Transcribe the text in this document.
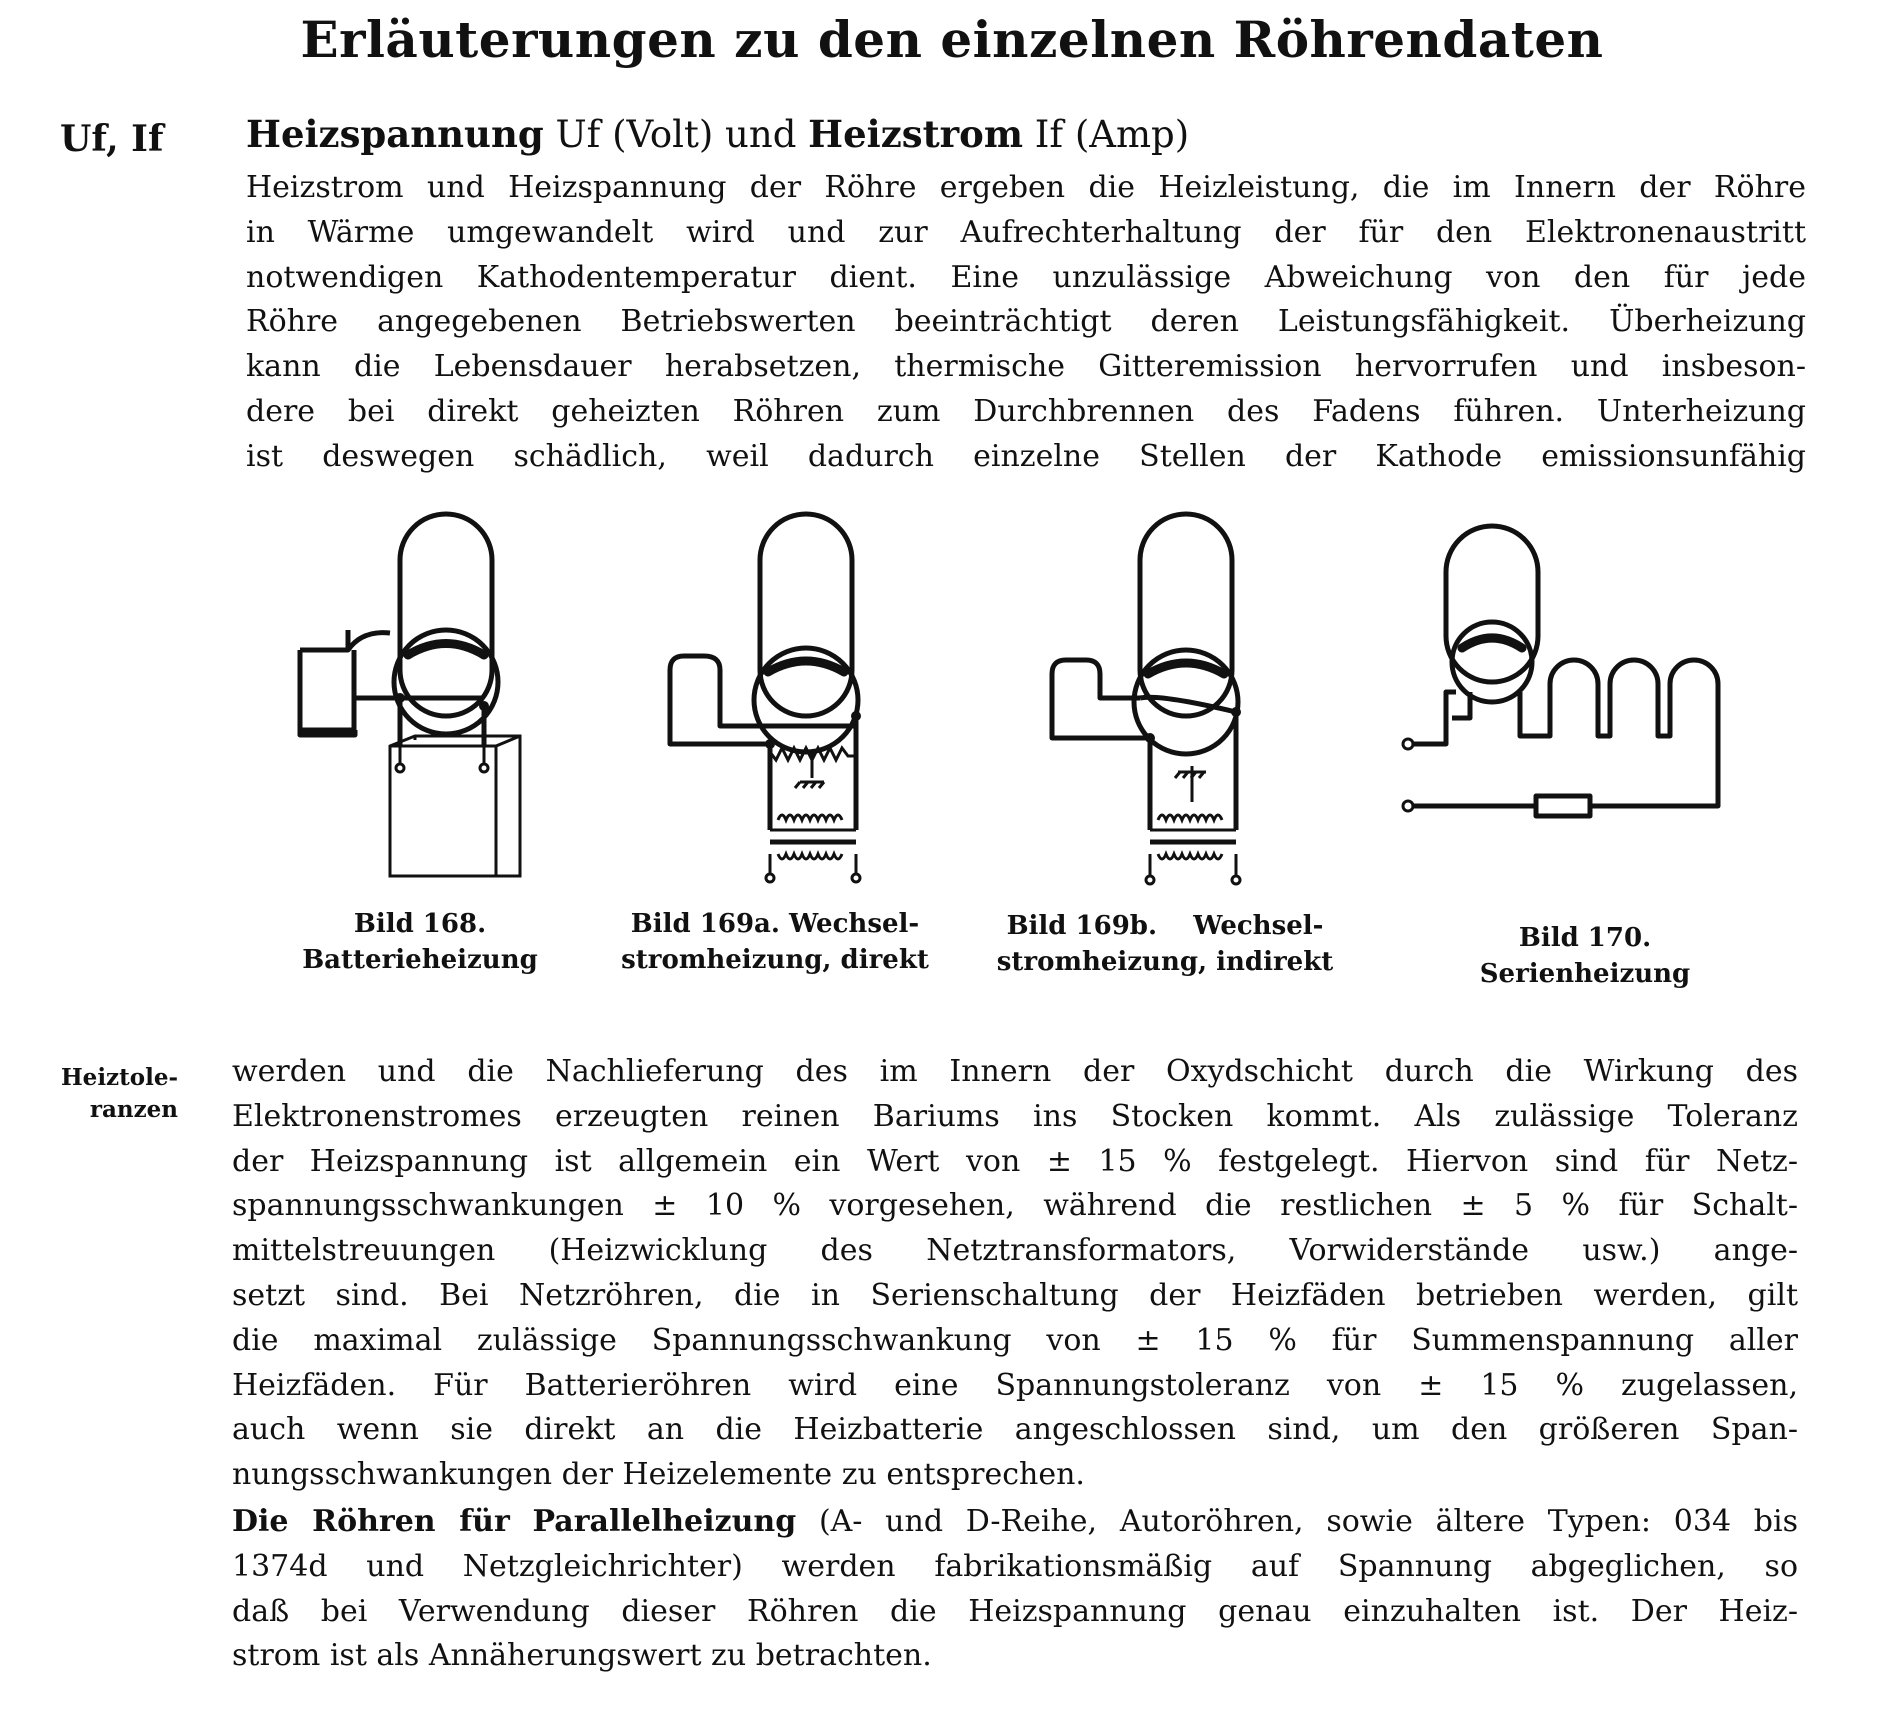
Erläuterungen zu den einzelnen Röhrendaten
Uf, If	Heizspannung Uf (Volt) und Heizstrom If (Amp)
Heizstrom und Heizspannung der Röhre ergeben die Heizleistung, die im Innern der Röhre
in Wärme umgewandelt wird und zur Aufrechterhaltung der für den Elektronenaustritt
notwendigen Kathodentemperatur dient. Eine unzulässige Abweichung von den für jede
Röhre angegebenen Betriebswerten beeinträchtigt deren Leistungsfähigkeit. Überheizung
kann die Lebensdauer herabsetzen, thermische Gitteremission hervorrufen und insbeson-
dere bei direkt geheizten Röhren zum Durchbrennen des Fadens führen. Unterheizung
ist deswegen schädlich, weil dadurch einzelne Stellen der Kathode emissionsunfähig
Bild 168.
Batterieheizung
Bild 169a. Wechsel-
stromheizung, direkt
Bild 169b.    Wechsel-
stromheizung, indirekt
Bild 170.
Serienheizung
Heiztole-
ranzen
werden und die Nachlieferung des im Innern der Oxydschicht durch die Wirkung des
Elektronenstromes erzeugten reinen Bariums ins Stocken kommt. Als zulässige Toleranz
der Heizspannung ist allgemein ein Wert von ± 15 % festgelegt. Hiervon sind für Netz-
spannungsschwankungen ± 10 % vorgesehen, während die restlichen ± 5 % für Schalt-
mittelstreuungen (Heizwicklung des Netztransformators, Vorwiderstände usw.) ange-
setzt sind. Bei Netzröhren, die in Serienschaltung der Heizfäden betrieben werden, gilt
die maximal zulässige Spannungsschwankung von ± 15 % für Summenspannung aller
Heizfäden. Für Batterieröhren wird eine Spannungstoleranz von ± 15 % zugelassen,
auch wenn sie direkt an die Heizbatterie angeschlossen sind, um den größeren Span-
nungsschwankungen der Heizelemente zu entsprechen.
Die Röhren für Parallelheizung (A- und D-Reihe, Autoröhren, sowie ältere Typen: 034 bis
1374d und Netzgleichrichter) werden fabrikationsmäßig auf Spannung abgeglichen, so
daß bei Verwendung dieser Röhren die Heizspannung genau einzuhalten ist. Der Heiz-
strom ist als Annäherungswert zu betrachten.
